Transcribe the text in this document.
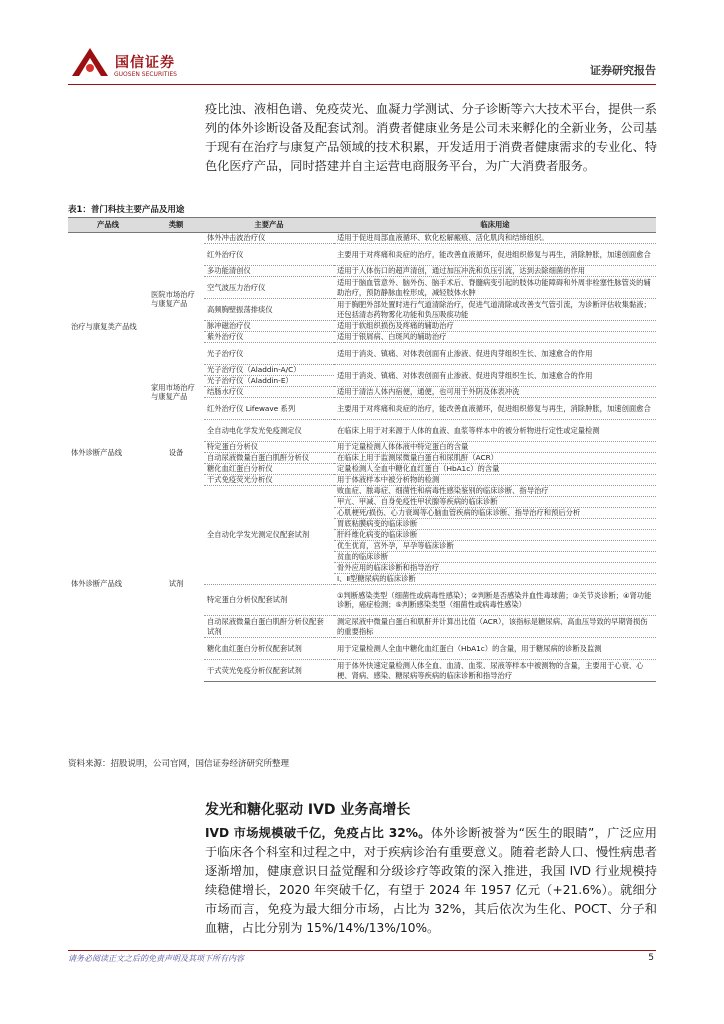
国信证券
GUOSEN SECURITIES	证券研究报告
疫比浊、液相色谱、免疫荧光、血凝力学测试、分子诊断等六大技术平台，提供一系列的体外诊断设备及配套试剂。消费者健康业务是公司未来孵化的全新业务，公司基于现有在治疗与康复产品领域的技术积累，开发适用于消费者健康需求的专业化、特色化医疗产品，同时搭建并自主运营电商服务平台，为广大消费者服务。
表1：普门科技主要产品及用途
产品线	类额	主要产品	临床用途
治疗与康复类产品线	医院市场治疗与康复产品	体外冲击波治疗仪	适用于促进局部血液循环、软化松解瘢痕、活化肌肉和结缔组织。
		红外治疗仪	主要用于对疼痛和炎症的治疗，能改善血液循环，促进组织修复与再生，消除肿胀，加速创面愈合
		多功能清创仪	适用于人体伤口的超声清创，通过加压冲洗和负压引流，达到去除细菌的作用
		空气波压力治疗仪	适用于脑血管意外、脑外伤、脑手术后、脊髓病变引起的肢体功能障碍和外周非栓塞性脉管炎的辅助治疗，预防静脉血栓形成，减轻肢体水肿
		高频胸壁振荡排痰仪	用于胸肥外部处置时进行气道清除治疗，促进气道清除或改善支气管引流，为诊断评估收集黏液；还包括清态药物雾化功能和负压吸痰功能
		脉冲磁治疗仪	适用于软组织损伤及疼痛的辅助治疗
		紫外治疗仪	适用于银屑病、白斑风的辅助治疗
		光子治疗仪	适用于消炎、镇痛、对体表创面有止渗液、促进肉芽组织生长、加速愈合的作用
	家用市场治疗与康复产品	光子治疗仪（Aladdin-A/C）	适用于消炎、镇痛、对体表创面有止渗液、促进肉芽组织生长、加速愈合的作用
		光子治疗仪（Aladdin-E）	
		结肠水疗仪	适用于清洁人体内宿便，通便，也可用于外阴及体表冲洗
		红外治疗仪 Lifewave 系列	主要用于对疼痛和炎症的治疗，能改善血液循环，促进组织修复与再生，消除肿胀，加速创面愈合
体外诊断产品线	设备	全自动电化学发光免疫测定仪	在临床上用于对来源于人体的血液、血浆等样本中的被分析物进行定性或定量检测
		特定蛋白分析仪	用于定量检测人体体液中特定蛋白的含量
		自动尿液微量白蛋白肌酐分析仪	在临床上用于监测尿微量白蛋白和尿肌酐（ACR）
		糖化血红蛋白分析仪	定量检测人全血中糖化血红蛋白（HbA1c）的含量
		干式免疫荧光分析仪	用于体液样本中被分析物的检测
体外诊断产品线	试剂	全自动化学发光测定仪配套试剂	败血症、脓毒症、细菌性和病毒性感染鉴别的临床诊断、指导治疗
			甲亢、甲减、自身免疫性甲状腺等疾病的临床诊断
			心肌梗死/损伤、心力衰竭等心脑血管疾病的临床诊断、指导治疗和预后分析
			胃底粘膜病变的临床诊断
			肝纤维化病变的临床诊断
			优生优育，宫外孕，早孕等临床诊断
			贫血的临床诊断
			骨外应用的临床诊断和指导治疗
			Ⅰ、Ⅱ型糖尿病的临床诊断
		特定蛋白分析仪配套试剂	①判断感染类型（细菌性或病毒性感染）；②判断是否感染并血性毒球菌；③关节炎诊断；④肾功能诊断，癌症检测；⑤判断感染类型（细菌性或病毒性感染）
		自动尿液微量白蛋白肌酐分析仪配套试剂	测定尿液中微量白蛋白和肌酐并计算出比值（ACR），该指标是糖尿病、高血压导致的早期肾损伤的重要指标
		糖化血红蛋白分析仪配套试剂	用于定量检测人全血中糖化血红蛋白（HbA1c）的含量，用于糖尿病的诊断及监测
		干式荧光免疫分析仪配套试剂	用于体外快速定量检测人体全血、血清、血浆、尿液等样本中被测物的含量，主要用于心衰、心梗、肾病、感染、糖尿病等疾病的临床诊断和指导治疗
资料来源：招股说明，公司官网，国信证券经济研究所整理
发光和糖化驱动 IVD 业务高增长
IVD 市场规模破千亿，免疫占比 32%。体外诊断被誉为“医生的眼睛”，广泛应用于临床各个科室和过程之中，对于疾病诊治有重要意义。随着老龄人口、慢性病患者逐渐增加，健康意识日益觉醒和分级诊疗等政策的深入推进，我国 IVD 行业规模持续稳健增长，2020 年突破千亿，有望于 2024 年 1957 亿元（+21.6%）。就细分市场而言，免疫为最大细分市场，占比为 32%，其后依次为生化、POCT、分子和血糖，占比分别为 15%/14%/13%/10%。
请务必阅读正文之后的免责声明及其项下所有内容	5
